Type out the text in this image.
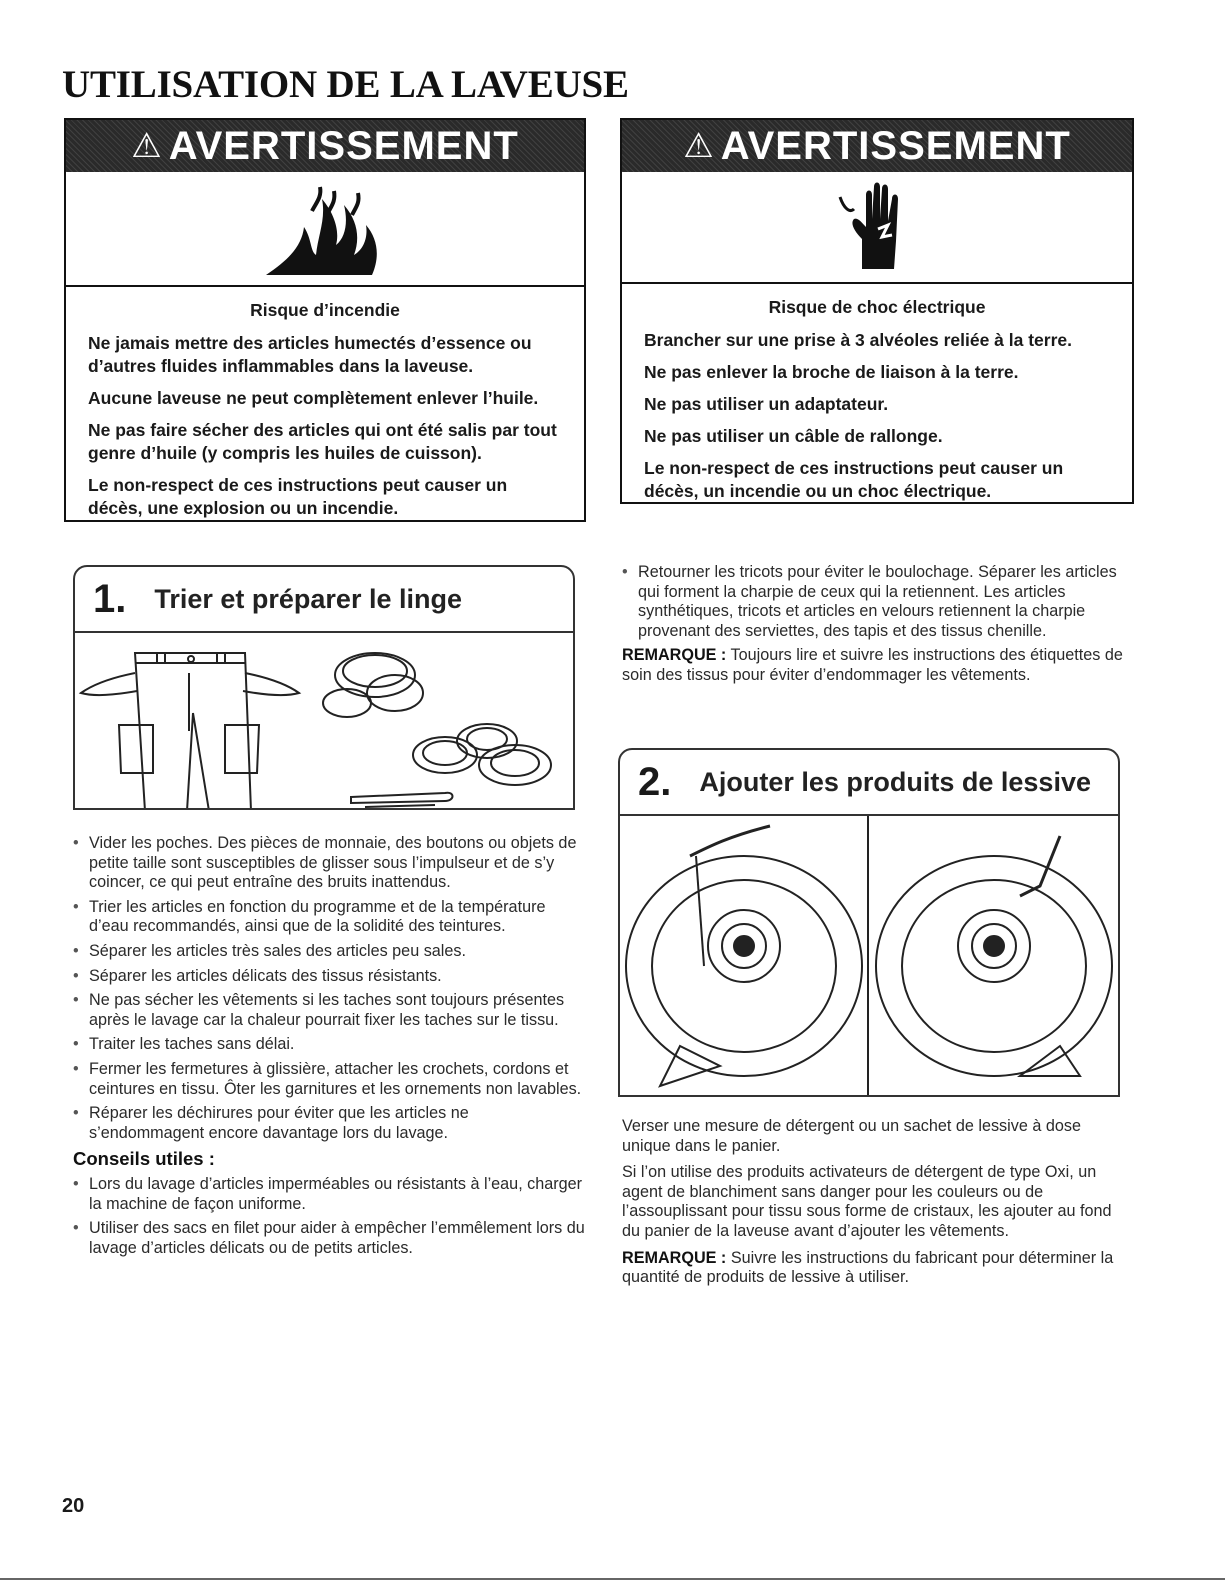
UTILISATION DE LA LAVEUSE
⚠ AVERTISSEMENT

Risque d’incendie

Ne jamais mettre des articles humectés d’essence ou d’autres fluides inflammables dans la laveuse.

Aucune laveuse ne peut complètement enlever l’huile.

Ne pas faire sécher des articles qui ont été salis par tout genre d’huile (y compris les huiles de cuisson).

Le non-respect de ces instructions peut causer un décès, une explosion ou un incendie.

⚠ AVERTISSEMENT

Risque de choc électrique

Brancher sur une prise à 3 alvéoles reliée à la terre.

Ne pas enlever la broche de liaison à la terre.

Ne pas utiliser un adaptateur.

Ne pas utiliser un câble de rallonge.

Le non-respect de ces instructions peut causer un décès, un incendie ou un choc électrique.

1. Trier et préparer le linge
• Vider les poches. Des pièces de monnaie, des boutons ou objets de petite taille sont susceptibles de glisser sous l’impulseur et de s’y coincer, ce qui peut entraîne des bruits inattendus.
• Trier les articles en fonction du programme et de la température d’eau recommandés, ainsi que de la solidité des teintures.
• Séparer les articles très sales des articles peu sales.
• Séparer les articles délicats des tissus résistants.
• Ne pas sécher les vêtements si les taches sont toujours présentes après le lavage car la chaleur pourrait fixer les taches sur le tissu.
• Traiter les taches sans délai.
• Fermer les fermetures à glissière, attacher les crochets, cordons et ceintures en tissu. Ôter les garnitures et les ornements non lavables.
• Réparer les déchirures pour éviter que les articles ne s’endommagent encore davantage lors du lavage.
Conseils utiles :
• Lors du lavage d’articles imperméables ou résistants à l’eau, charger la machine de façon uniforme.
• Utiliser des sacs en filet pour aider à empêcher l’emmêlement lors du lavage d’articles délicats ou de petits articles.
• Retourner les tricots pour éviter le boulochage. Séparer les articles qui forment la charpie de ceux qui la retiennent. Les articles synthétiques, tricots et articles en velours retiennent la charpie provenant des serviettes, des tapis et des tissus chenille.

REMARQUE : Toujours lire et suivre les instructions des étiquettes de soin des tissus pour éviter d’endommager les vêtements.

2. Ajouter les produits de lessive

Verser une mesure de détergent ou un sachet de lessive à dose unique dans le panier.

Si l’on utilise des produits activateurs de détergent de type Oxi, un agent de blanchiment sans danger pour les couleurs ou de l’assouplissant pour tissu sous forme de cristaux, les ajouter au fond du panier de la laveuse avant d’ajouter les vêtements.

REMARQUE : Suivre les instructions du fabricant pour déterminer la quantité de produits de lessive à utiliser.

20
